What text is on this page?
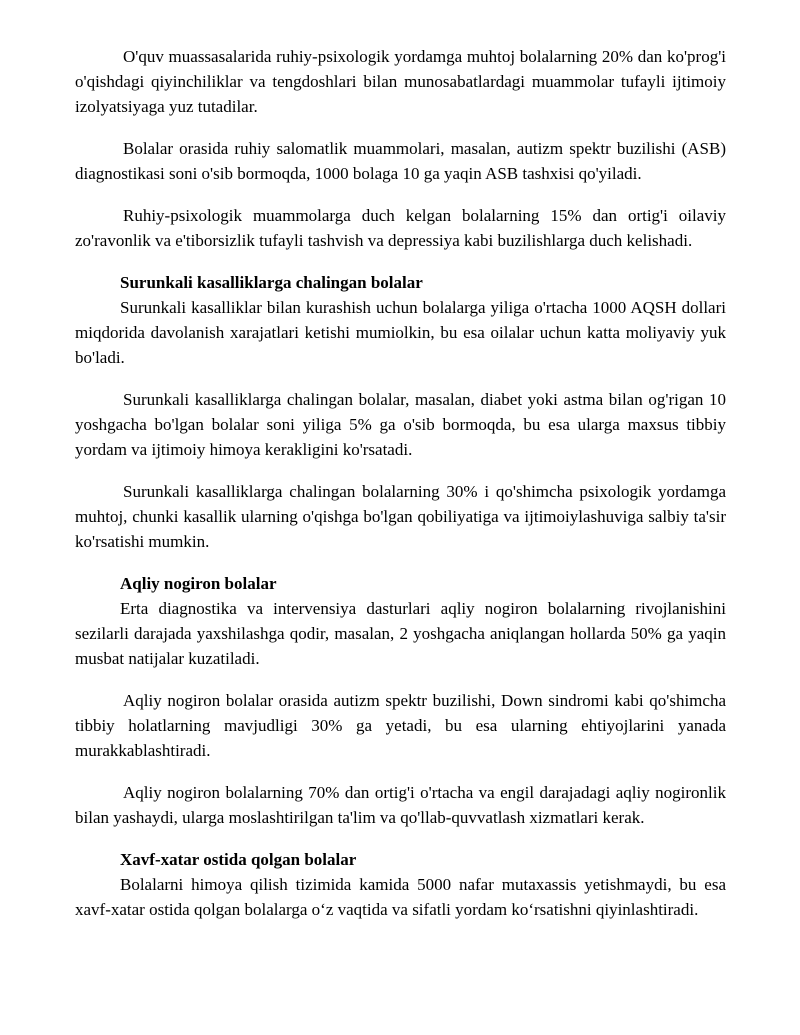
O'quv muassasalarida ruhiy-psixologik yordamga muhtoj bolalarning 20% dan ko'prog'i o'qishdagi qiyinchiliklar va tengdoshlari bilan munosabatlardagi muammolar tufayli ijtimoiy izolyatsiyaga yuz tutadilar.

Bolalar orasida ruhiy salomatlik muammolari, masalan, autizm spektr buzilishi (ASB) diagnostikasi soni o'sib bormoqda, 1000 bolaga 10 ga yaqin ASB tashxisi qo'yiladi.

Ruhiy-psixologik muammolarga duch kelgan bolalarning 15% dan ortig'i oilaviy zo'ravonlik va e'tiborsizlik tufayli tashvish va depressiya kabi buzilishlarga duch kelishadi.

Surunkali kasalliklarga chalingan bolalar

Surunkali kasalliklar bilan kurashish uchun bolalarga yiliga o'rtacha 1000 AQSH dollari miqdorida davolanish xarajatlari ketishi mumiolkin, bu esa oilalar uchun katta moliyaviy yuk bo'ladi.

Surunkali kasalliklarga chalingan bolalar, masalan, diabet yoki astma bilan og'rigan 10 yoshgacha bo'lgan bolalar soni yiliga 5% ga o'sib bormoqda, bu esa ularga maxsus tibbiy yordam va ijtimoiy himoya kerakligini ko'rsatadi.

Surunkali kasalliklarga chalingan bolalarning 30% i qo'shimcha psixologik yordamga muhtoj, chunki kasallik ularning o'qishga bo'lgan qobiliyatiga va ijtimoiylashuviga salbiy ta'sir ko'rsatishi mumkin.

Aqliy nogiron bolalar

Erta diagnostika va intervensiya dasturlari aqliy nogiron bolalarning rivojlanishini sezilarli darajada yaxshilashga qodir, masalan, 2 yoshgacha aniqlangan hollarda 50% ga yaqin musbat natijalar kuzatiladi.

Aqliy nogiron bolalar orasida autizm spektr buzilishi, Down sindromi kabi qo'shimcha tibbiy holatlarning mavjudligi 30% ga yetadi, bu esa ularning ehtiyojlarini yanada murakkablashtiradi.

Aqliy nogiron bolalarning 70% dan ortig'i o'rtacha va engil darajadagi aqliy nogironlik bilan yashaydi, ularga moslashtirilgan ta'lim va qo'llab-quvvatlash xizmatlari kerak.

Xavf-xatar ostida qolgan bolalar

Bolalarni himoya qilish tizimida kamida 5000 nafar mutaxassis yetishmaydi, bu esa xavf-xatar ostida qolgan bolalarga o‘z vaqtida va sifatli yordam ko‘rsatishni qiyinlashtiradi.
